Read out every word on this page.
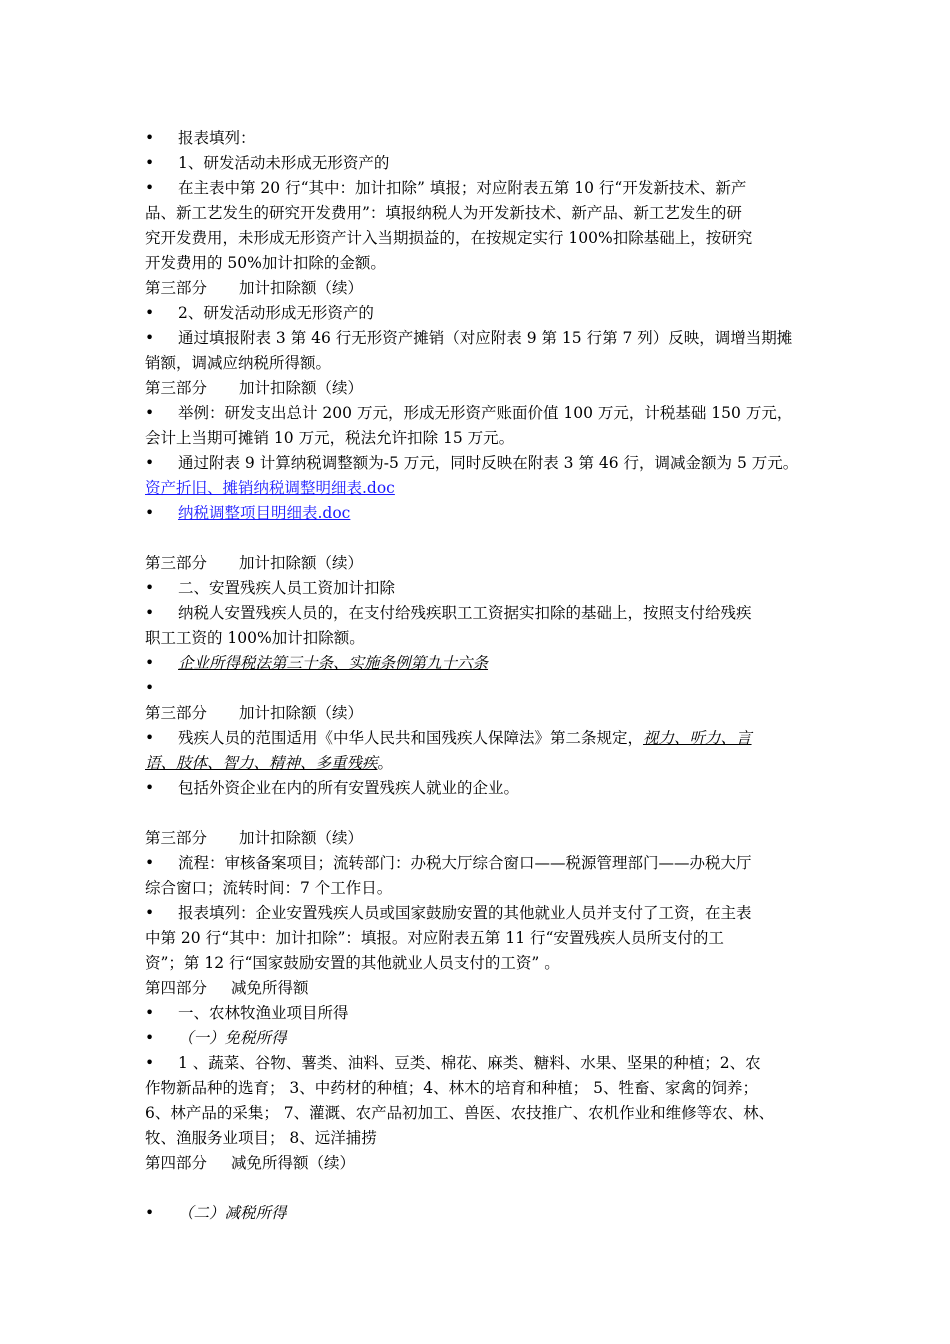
• 报表填列：
• 1、研发活动未形成无形资产的
• 在主表中第 20 行“其中：加计扣除” 填报；对应附表五第 10 行“开发新技术、新产
品、新工艺发生的研究开发费用”：填报纳税人为开发新技术、新产品、新工艺发生的研
究开发费用，未形成无形资产计入当期损益的，在按规定实行 100%扣除基础上，按研究
开发费用的 50%加计扣除的金额。
第三部分 加计扣除额（续）
• 2、研发活动形成无形资产的
• 通过填报附表 3 第 46 行无形资产摊销（对应附表 9 第 15 行第 7 列）反映，调增当期摊
销额，调减应纳税所得额。
第三部分 加计扣除额（续）
• 举例：研发支出总计 200 万元，形成无形资产账面价值 100 万元，计税基础 150 万元，
会计上当期可摊销 10 万元，税法允许扣除 15 万元。
• 通过附表 9 计算纳税调整额为-5 万元，同时反映在附表 3 第 46 行，调减金额为 5 万元。
资产折旧、摊销纳税调整明细表.doc
• 纳税调整项目明细表.doc
第三部分 加计扣除额（续）
• 二、安置残疾人员工资加计扣除
• 纳税人安置残疾人员的，在支付给残疾职工工资据实扣除的基础上，按照支付给残疾
职工工资的 100%加计扣除额。
• 企业所得税法第三十条、实施条例第九十六条
•
第三部分 加计扣除额（续）
• 残疾人员的范围适用《中华人民共和国残疾人保障法》第二条规定，视力、听力、言
语、肢体、智力、精神、多重残疾。
• 包括外资企业在内的所有安置残疾人就业的企业。
第三部分 加计扣除额（续）
• 流程：审核备案项目；流转部门：办税大厅综合窗口——税源管理部门——办税大厅
综合窗口；流转时间：7 个工作日。
• 报表填列：企业安置残疾人员或国家鼓励安置的其他就业人员并支付了工资，在主表
中第 20 行“其中：加计扣除”：填报。对应附表五第 11 行“安置残疾人员所支付的工
资”；第 12 行“国家鼓励安置的其他就业人员支付的工资” 。
第四部分 减免所得额
• 一、农林牧渔业项目所得
• （一）免税所得
• 1 、蔬菜、谷物、薯类、油料、豆类、棉花、麻类、糖料、水果、坚果的种植；2、农
作物新品种的选育； 3、中药材的种植；4、林木的培育和种植； 5、牲畜、家禽的饲养；
6、林产品的采集； 7、灌溉、农产品初加工、兽医、农技推广、农机作业和维修等农、林、
牧、渔服务业项目； 8、远洋捕捞
第四部分 减免所得额（续）
• （二）减税所得
